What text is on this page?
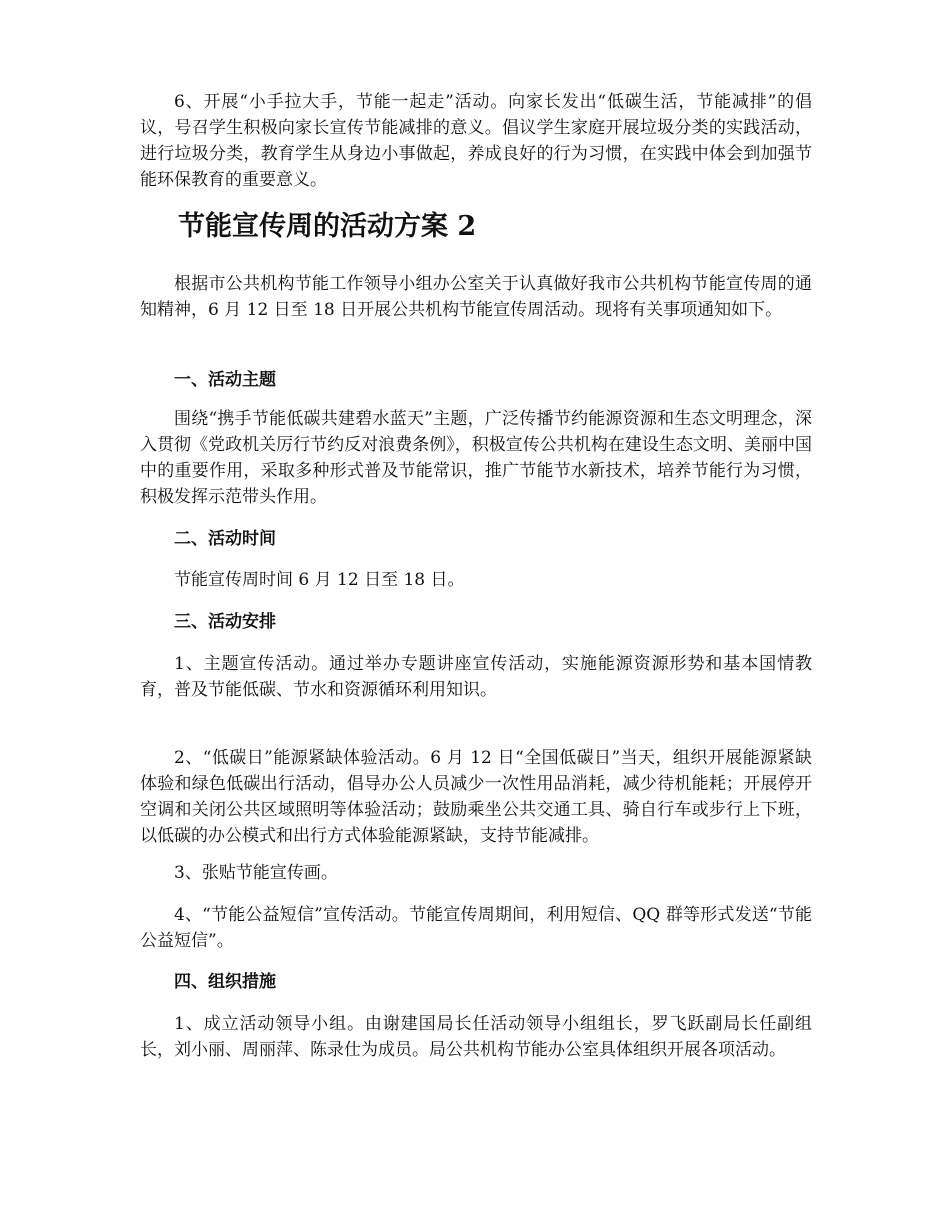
6、开展“小手拉大手，节能一起走”活动。向家长发出“低碳生活，节能减排”的倡议，号召学生积极向家长宣传节能减排的意义。倡议学生家庭开展垃圾分类的实践活动，进行垃圾分类，教育学生从身边小事做起，养成良好的行为习惯，在实践中体会到加强节能环保教育的重要意义。

节能宣传周的活动方案 2

根据市公共机构节能工作领导小组办公室关于认真做好我市公共机构节能宣传周的通知精神，6 月 12 日至 18 日开展公共机构节能宣传周活动。现将有关事项通知如下。

一、活动主题

围绕“携手节能低碳共建碧水蓝天”主题，广泛传播节约能源资源和生态文明理念，深入贯彻《党政机关厉行节约反对浪费条例》，积极宣传公共机构在建设生态文明、美丽中国中的重要作用，采取多种形式普及节能常识，推广节能节水新技术，培养节能行为习惯，积极发挥示范带头作用。

二、活动时间

节能宣传周时间 6 月 12 日至 18 日。

三、活动安排

1、主题宣传活动。通过举办专题讲座宣传活动，实施能源资源形势和基本国情教育，普及节能低碳、节水和资源循环利用知识。

2、“低碳日”能源紧缺体验活动。6 月 12 日“全国低碳日”当天，组织开展能源紧缺体验和绿色低碳出行活动，倡导办公人员减少一次性用品消耗，减少待机能耗；开展停开空调和关闭公共区域照明等体验活动；鼓励乘坐公共交通工具、骑自行车或步行上下班，以低碳的办公模式和出行方式体验能源紧缺，支持节能减排。

3、张贴节能宣传画。

4、“节能公益短信”宣传活动。节能宣传周期间，利用短信、QQ 群等形式发送“节能公益短信”。

四、组织措施

1、成立活动领导小组。由谢建国局长任活动领导小组组长，罗飞跃副局长任副组长，刘小丽、周丽萍、陈录仕为成员。局公共机构节能办公室具体组织开展各项活动。
